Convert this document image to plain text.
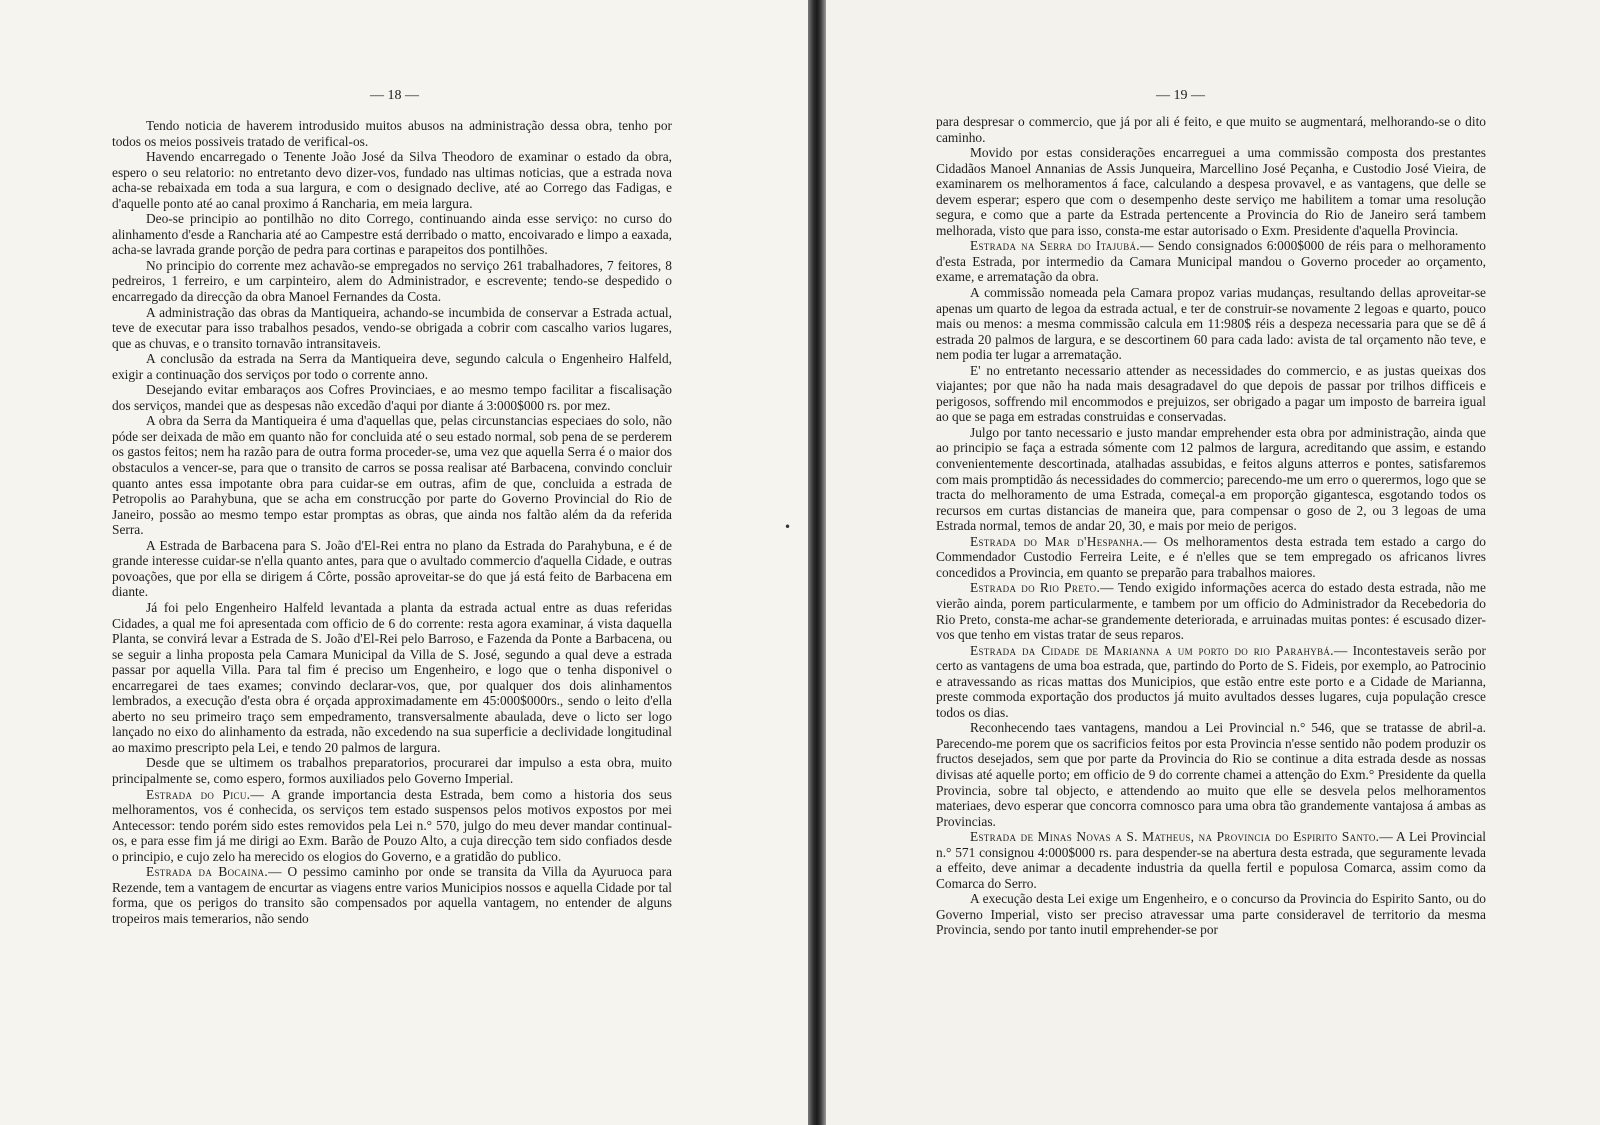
— 18 —

Tendo noticia de haverem introdusido muitos abusos na administração dessa obra, tenho por todos os meios possiveis tratado de verifical-os.

Havendo encarregado o Tenente João José da Silva Theodoro de examinar o estado da obra, espero o seu relatorio: no entretanto devo dizer-vos, fundado nas ultimas noticias, que a estrada nova acha-se rebaixada em toda a sua largura, e com o designado declive, até ao Corrego das Fadigas, e d'aquelle ponto até ao canal proximo á Rancharia, em meia largura.

Deo-se principio ao pontilhão no dito Corrego, continuando ainda esse serviço: no curso do alinhamento d'esde a Rancharia até ao Campestre está derribado o matto, encoivarado e limpo a eaxada, acha-se lavrada grande porção de pedra para cortinas e parapeitos dos pontilhões.

No principio do corrente mez achavão-se empregados no serviço 261 trabalhadores, 7 feitores, 8 pedreiros, 1 ferreiro, e um carpinteiro, alem do Administrador, e escrevente; tendo-se despedido o encarregado da direcção da obra Manoel Fernandes da Costa.

A administração das obras da Mantiqueira, achando-se incumbida de conservar a Estrada actual, teve de executar para isso trabalhos pesados, vendo-se obrigada a cobrir com cascalho varios lugares, que as chuvas, e o transito tornavão intransitaveis.

A conclusão da estrada na Serra da Mantiqueira deve, segundo calcula o Engenheiro Halfeld, exigir a continuação dos serviços por todo o corrente anno.

Desejando evitar embaraços aos Cofres Provinciaes, e ao mesmo tempo facilitar a fiscalisação dos serviços, mandei que as despesas não excedão d'aqui por diante á 3:000$000 rs. por mez.

A obra da Serra da Mantiqueira é uma d'aquellas que, pelas circunstancias especiaes do solo, não póde ser deixada de mão em quanto não for concluida até o seu estado normal, sob pena de se perderem os gastos feitos; nem ha razão para de outra forma proceder-se, uma vez que aquella Serra é o maior dos obstaculos a vencer-se, para que o transito de carros se possa realisar até Barbacena, convindo concluir quanto antes essa impotante obra para cuidar-se em outras, afim de que, concluida a estrada de Petropolis ao Parahybuna, que se acha em construcção por parte do Governo Provincial do Rio de Janeiro, possão ao mesmo tempo estar promptas as obras, que ainda nos faltão além da da referida Serra.

A Estrada de Barbacena para S. João d'El-Rei entra no plano da Estrada do Parahybuna, e é de grande interesse cuidar-se n'ella quanto antes, para que o avultado commercio d'aquella Cidade, e outras povoações, que por ella se dirigem á Côrte, possão aproveitar-se do que já está feito de Barbacena em diante.

Já foi pelo Engenheiro Halfeld levantada a planta da estrada actual entre as duas referidas Cidades, a qual me foi apresentada com officio de 6 do corrente: resta agora examinar, á vista daquella Planta, se convirá levar a Estrada de S. João d'El-Rei pelo Barroso, e Fazenda da Ponte a Barbacena, ou se seguir a linha proposta pela Camara Municipal da Villa de S. José, segundo a qual deve a estrada passar por aquella Villa. Para tal fim é preciso um Engenheiro, e logo que o tenha disponivel o encarregarei de taes exames; convindo declarar-vos, que, por qualquer dos dois alinhamentos lembrados, a execução d'esta obra é orçada approximadamente em 45:000$000rs., sendo o leito d'ella aberto no seu primeiro traço sem empedramento, transversalmente abaulada, deve o licto ser logo lançado no eixo do alinhamento da estrada, não excedendo na sua superficie a declividade longitudinal ao maximo prescripto pela Lei, e tendo 20 palmos de largura.

Desde que se ultimem os trabalhos preparatorios, procurarei dar impulso a esta obra, muito principalmente se, como espero, formos auxiliados pelo Governo Imperial.

Estrada do Picu.— A grande importancia desta Estrada, bem como a historia dos seus melhoramentos, vos é conhecida, os serviços tem estado suspensos pelos motivos expostos por mei Antecessor: tendo porém sido estes removidos pela Lei n.° 570, julgo do meu dever mandar continual-os, e para esse fim já me dirigi ao Exm. Barão de Pouzo Alto, a cuja direcção tem sido confiados desde o principio, e cujo zelo ha merecido os elogios do Governo, e a gratidão do publico.

Estrada da Bocaina.— O pessimo caminho por onde se transita da Villa da Ayuruoca para Rezende, tem a vantagem de encurtar as viagens entre varios Municipios nossos e aquella Cidade por tal forma, que os perigos do transito são compensados por aquella vantagem, no entender de alguns tropeiros mais temerarios, não sendo

— 19 —

para despresar o commercio, que já por ali é feito, e que muito se augmentará, melhorando-se o dito caminho.

Movido por estas considerações encarreguei a uma commissão composta dos prestantes Cidadãos Manoel Annanias de Assis Junqueira, Marcellino José Peçanha, e Custodio José Vieira, de examinarem os melhoramentos á face, calculando a despesa provavel, e as vantagens, que delle se devem esperar; espero que com o desempenho deste serviço me habilitem a tomar uma resolução segura, e como que a parte da Estrada pertencente a Provincia do Rio de Janeiro será tambem melhorada, visto que para isso, consta-me estar autorisado o Exm. Presidente d'aquella Provincia.

Estrada na Serra do Itajubá.— Sendo consignados 6:000$000 de réis para o melhoramento d'esta Estrada, por intermedio da Camara Municipal mandou o Governo proceder ao orçamento, exame, e arrematação da obra.

A commissão nomeada pela Camara propoz varias mudanças, resultando dellas aproveitar-se apenas um quarto de legoa da estrada actual, e ter de construir-se novamente 2 legoas e quarto, pouco mais ou menos: a mesma commissão calcula em 11:980$ réis a despeza necessaria para que se dê á estrada 20 palmos de largura, e se descortinem 60 para cada lado: avista de tal orçamento não teve, e nem podia ter lugar a arrematação.

E' no entretanto necessario attender as necessidades do commercio, e as justas queixas dos viajantes; por que não ha nada mais desagradavel do que depois de passar por trilhos difficeis e perigosos, soffrendo mil encommodos e prejuizos, ser obrigado a pagar um imposto de barreira igual ao que se paga em estradas construidas e conservadas.

Julgo por tanto necessario e justo mandar emprehender esta obra por administração, ainda que ao principio se faça a estrada sómente com 12 palmos de largura, acreditando que assim, e estando convenientemente descortinada, atalhadas assubidas, e feitos alguns atterros e pontes, satisfaremos com mais promptidão ás necessidades do commercio; parecendo-me um erro o querermos, logo que se tracta do melhoramento de uma Estrada, começal-a em proporção gigantesca, esgotando todos os recursos em curtas distancias de maneira que, para compensar o goso de 2, ou 3 legoas de uma Estrada normal, temos de andar 20, 30, e mais por meio de perigos.

Estrada do Mar d'Hespanha.— Os melhoramentos desta estrada tem estado a cargo do Commendador Custodio Ferreira Leite, e é n'elles que se tem empregado os africanos livres concedidos a Provincia, em quanto se preparão para trabalhos maiores.

Estrada do Rio Preto.— Tendo exigido informações acerca do estado desta estrada, não me vierão ainda, porem particularmente, e tambem por um officio do Administrador da Recebedoria do Rio Preto, consta-me achar-se grandemente deteriorada, e arruinadas muitas pontes: é escusado dizer-vos que tenho em vistas tratar de seus reparos.

Estrada da Cidade de Marianna a um porto do rio Parahybá.— Incontestaveis serão por certo as vantagens de uma boa estrada, que, partindo do Porto de S. Fideis, por exemplo, ao Patrocinio e atravessando as ricas mattas dos Municipios, que estão entre este porto e a Cidade de Marianna, preste commoda exportação dos productos já muito avultados desses lugares, cuja população cresce todos os dias.

Reconhecendo taes vantagens, mandou a Lei Provincial n.° 546, que se tratasse de abril-a. Parecendo-me porem que os sacrificios feitos por esta Provincia n'esse sentido não podem produzir os fructos desejados, sem que por parte da Provincia do Rio se continue a dita estrada desde as nossas divisas até aquelle porto; em officio de 9 do corrente chamei a attenção do Exm.° Presidente da quella Provincia, sobre tal objecto, e attendendo ao muito que elle se desvela pelos melhoramentos materiaes, devo esperar que concorra comnosco para uma obra tão grandemente vantajosa á ambas as Provincias.

Estrada de Minas Novas a S. Matheus, na Provincia do Espirito Santo.— A Lei Provincial n.° 571 consignou 4:000$000 rs. para despender-se na abertura desta estrada, que seguramente levada a effeito, deve animar a decadente industria da quella fertil e populosa Comarca, assim como da Comarca do Serro.

A execução desta Lei exige um Engenheiro, e o concurso da Provincia do Espirito Santo, ou do Governo Imperial, visto ser preciso atravessar uma parte consideravel de territorio da mesma Provincia, sendo por tanto inutil emprehender-se por

•
